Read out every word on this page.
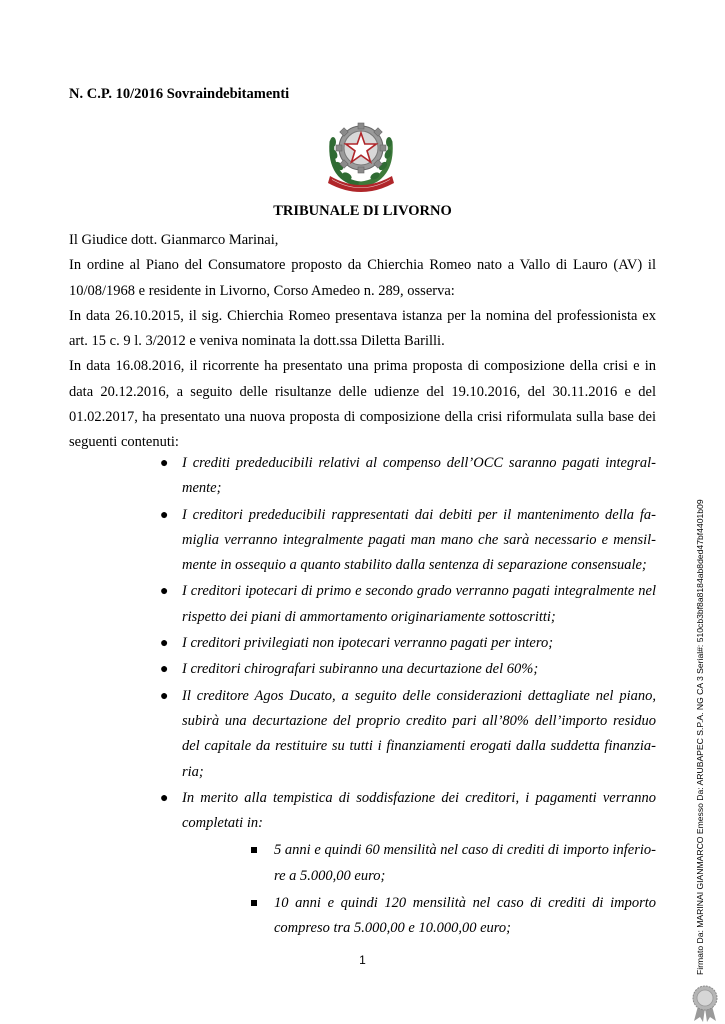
N. C.P. 10/2016 Sovraindebitamenti
TRIBUNALE DI LIVORNO

Il Giudice dott. Gianmarco Marinai,

In ordine al Piano del Consumatore proposto da Chierchia Romeo nato a Vallo di Lauro (AV) il 10/08/1968 e residente in Livorno, Corso Amedeo n. 289, osserva:

In data 26.10.2015, il sig. Chierchia Romeo presentava istanza per la nomina del professionista ex art. 15 c. 9 l. 3/2012 e veniva nominata la dott.ssa Diletta Barilli.

In data 16.08.2016, il ricorrente ha presentato una prima proposta di composizione della crisi e in data 20.12.2016, a seguito delle risultanze delle udienze del 19.10.2016, del 30.11.2016 e del 01.02.2017, ha presentato una nuova proposta di composizione della crisi riformulata sulla base dei seguenti contenuti:

● I crediti prededucibili relativi al compenso dell’OCC saranno pagati integral-mente;
● I creditori prededucibili rappresentati dai debiti per il mantenimento della fa-miglia verranno integralmente pagati man mano che sarà necessario e mensil-mente in ossequio a quanto stabilito dalla sentenza di separazione consensuale;
● I creditori ipotecari di primo e secondo grado verranno pagati integralmente nel rispetto dei piani di ammortamento originariamente sottoscritti;
● I creditori privilegiati non ipotecari verranno pagati per intero;
● I creditori chirografari subiranno una decurtazione del 60%;
● Il creditore Agos Ducato, a seguito delle considerazioni dettagliate nel piano, subirà una decurtazione del proprio credito pari all’80% dell’importo residuo del capitale da restituire su tutti i finanziamenti erogati dalla suddetta finanzia-ria;
● In merito alla tempistica di soddisfazione dei creditori, i pagamenti verranno completati in:
5 anni e quindi 60 mensilità nel caso di crediti di importo inferio-re a 5.000,00 euro;
10 anni e quindi 120 mensilità nel caso di crediti di importo compreso tra 5.000,00 e 10.000,00 euro;
1	Firmato Da: MARINAI GIANMARCO Emesso Da: ARUBAPEC S.P.A. NG CA 3 Serial#: 510cb3bf8a8184ab8ded47bf4401b09
